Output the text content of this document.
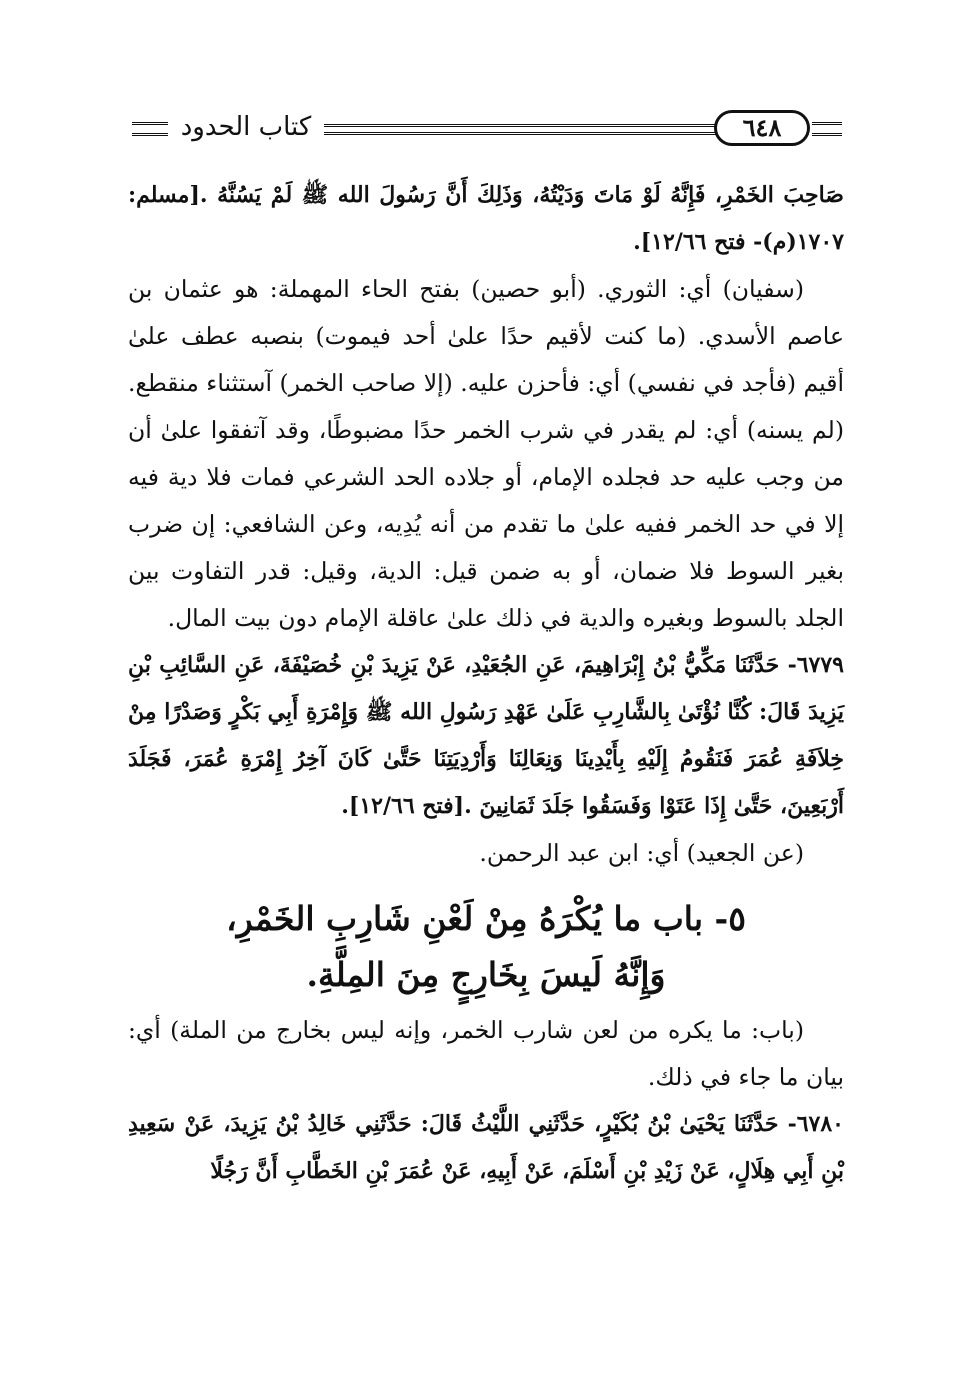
كتاب الحدود	٦٤٨

صَاحِبَ الخَمْرِ، فَإِنَّهُ لَوْ مَاتَ وَدَيْتُهُ، وَذَلِكَ أَنَّ رَسُولَ الله ﷺ لَمْ يَسُنَّهُ .[مسلم: ١٧٠٧(م)- فتح ١٢/٦٦].

(سفيان) أي: الثوري. (أبو حصين) بفتح الحاء المهملة: هو عثمان بن عاصم الأسدي. (ما كنت لأقيم حدًا علىٰ أحد فيموت) بنصبه عطف علىٰ أقيم (فأجد في نفسي) أي: فأحزن عليه. (إلا صاحب الخمر) آستثناء منقطع. (لم يسنه) أي: لم يقدر في شرب الخمر حدًا مضبوطًا، وقد آتفقوا علىٰ أن من وجب عليه حد فجلده الإمام، أو جلاده الحد الشرعي فمات فلا دية فيه إلا في حد الخمر ففيه علىٰ ما تقدم من أنه يُدِيه، وعن الشافعي: إن ضرب بغير السوط فلا ضمان، أو به ضمن قيل: الدية، وقيل: قدر التفاوت بين الجلد بالسوط وبغيره والدية في ذلك علىٰ عاقلة الإمام دون بيت المال.

٦٧٧٩- حَدَّثَنَا مَكِّيُّ بْنُ إِبْرَاهِيمَ، عَنِ الجُعَيْدِ، عَنْ يَزِيدَ بْنِ خُصَيْفَةَ، عَنِ السَّائِبِ بْنِ يَزِيدَ قَالَ: كُنَّا نُؤْتَىٰ بِالشَّارِبِ عَلَىٰ عَهْدِ رَسُولِ الله ﷺ وَإِمْرَةِ أَبِي بَكْرٍ وَصَدْرًا مِنْ خِلاَفَةِ عُمَرَ فَنَقُومُ إِلَيْهِ بِأَيْدِينَا وَنِعَالِنَا وَأَرْدِيَتِنَا حَتَّىٰ كَانَ آخِرُ إِمْرَةِ عُمَرَ، فَجَلَدَ أَرْبَعِينَ، حَتَّىٰ إِذَا عَتَوْا وَفَسَقُوا جَلَدَ ثَمَانِينَ .[فتح ١٢/٦٦].

(عن الجعيد) أي: ابن عبد الرحمن.

٥- باب ما يُكْرَهُ مِنْ لَعْنِ شَارِبِ الخَمْرِ،
وَإِنَّهُ لَيسَ بِخَارِجٍ مِنَ المِلَّةِ.

(باب: ما يكره من لعن شارب الخمر، وإنه ليس بخارج من الملة) أي: بيان ما جاء في ذلك.

٦٧٨٠- حَدَّثَنَا يَحْيَىٰ بْنُ بُكَيْرٍ، حَدَّثَنِي اللَّيْثُ قَالَ: حَدَّثَنِي خَالِدُ بْنُ يَزِيدَ، عَنْ سَعِيدِ بْنِ أَبِي هِلَالٍ، عَنْ زَيْدِ بْنِ أَسْلَمَ، عَنْ أَبِيهِ، عَنْ عُمَرَ بْنِ الخَطَّابِ أَنَّ رَجُلًا
